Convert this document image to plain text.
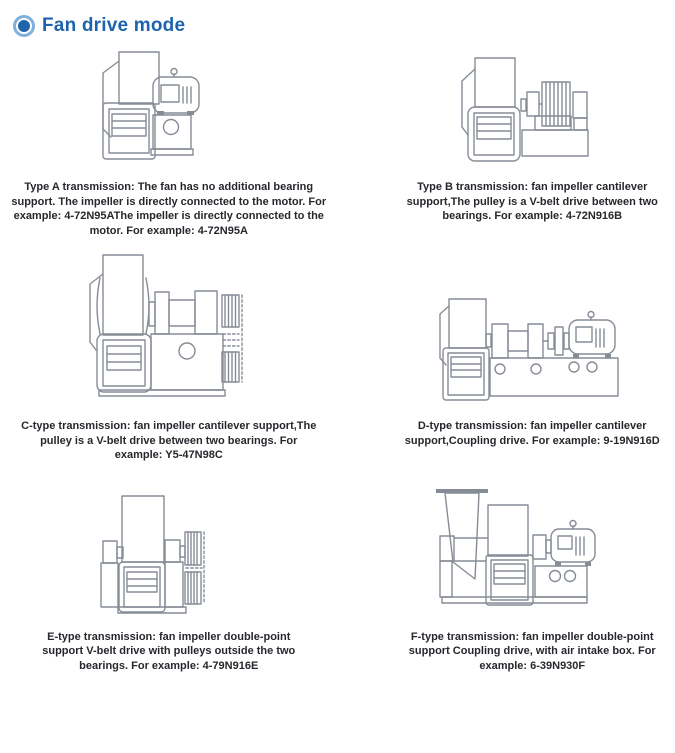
Fan drive mode
Type A transmission: The fan has no additional bearing support. The impeller is directly connected to the motor. For example: 4-72N95AThe impeller is directly connected to the motor. For example: 4-72N95A
Type B transmission: fan impeller cantilever support,The pulley is a V-belt drive between two bearings. For example: 4-72N916B
C-type transmission: fan impeller cantilever support,The pulley is a V-belt drive between two bearings. For example: Y5-47N98C
D-type transmission: fan impeller cantilever support,Coupling drive. For example: 9-19N916D
E-type transmission: fan impeller double-point support V-belt drive with pulleys outside the two bearings. For example: 4-79N916E
F-type transmission: fan impeller double-point support Coupling drive, with air intake box. For example: 6-39N930F
